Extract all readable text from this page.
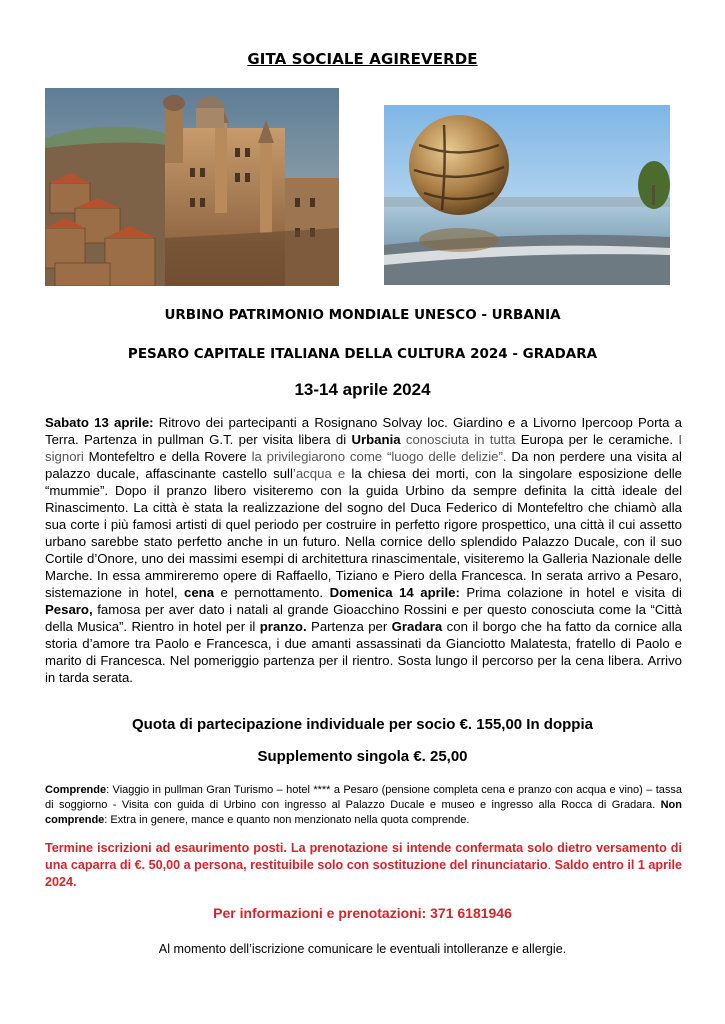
GITA SOCIALE AGIREVERDE
URBINO PATRIMONIO MONDIALE UNESCO - URBANIA
PESARO CAPITALE ITALIANA DELLA CULTURA 2024 - GRADARA
13-14 aprile 2024
Sabato 13 aprile: Ritrovo dei partecipanti a Rosignano Solvay loc. Giardino e a Livorno Ipercoop Porta a Terra. Partenza in pullman G.T. per visita libera di Urbania conosciuta in tutta Europa per le ceramiche. I signori Montefeltro e della Rovere la privilegiarono come “luogo delle delizie”. Da non perdere una visita al palazzo ducale, affascinante castello sull’acqua e la chiesa dei morti, con la singolare esposizione delle “mummie”. Dopo il pranzo libero visiteremo con la guida Urbino da sempre definita la città ideale del Rinascimento. La città è stata la realizzazione del sogno del Duca Federico di Montefeltro che chiamò alla sua corte i più famosi artisti di quel periodo per costruire in perfetto rigore prospettico, una città il cui assetto urbano sarebbe stato perfetto anche in un futuro. Nella cornice dello splendido Palazzo Ducale, con il suo Cortile d’Onore, uno dei massimi esempi di architettura rinascimentale, visiteremo la Galleria Nazionale delle Marche. In essa ammireremo opere di Raffaello, Tiziano e Piero della Francesca. In serata arrivo a Pesaro, sistemazione in hotel, cena e pernottamento. Domenica 14 aprile: Prima colazione in hotel e visita di Pesaro, famosa per aver dato i natali al grande Gioacchino Rossini e per questo conosciuta come la “Città della Musica”. Rientro in hotel per il pranzo. Partenza per Gradara con il borgo che ha fatto da cornice alla storia d’amore tra Paolo e Francesca, i due amanti assassinati da Gianciotto Malatesta, fratello di Paolo e marito di Francesca. Nel pomeriggio partenza per il rientro. Sosta lungo il percorso per la cena libera. Arrivo in tarda serata.
Quota di partecipazione individuale per socio €. 155,00 In doppia
Supplemento singola €. 25,00
Comprende: Viaggio in pullman Gran Turismo – hotel **** a Pesaro (pensione completa cena e pranzo con acqua e vino) – tassa di soggiorno - Visita con guida di Urbino con ingresso al Palazzo Ducale e museo e ingresso alla Rocca di Gradara. Non comprende: Extra in genere, mance e quanto non menzionato nella quota comprende.
Termine iscrizioni ad esaurimento posti. La prenotazione si intende confermata solo dietro versamento di una caparra di €. 50,00 a persona, restituibile solo con sostituzione del rinunciatario. Saldo entro il 1 aprile 2024.
Per informazioni e prenotazioni: 371 6181946
Al momento dell’iscrizione comunicare le eventuali intolleranze e allergie.
